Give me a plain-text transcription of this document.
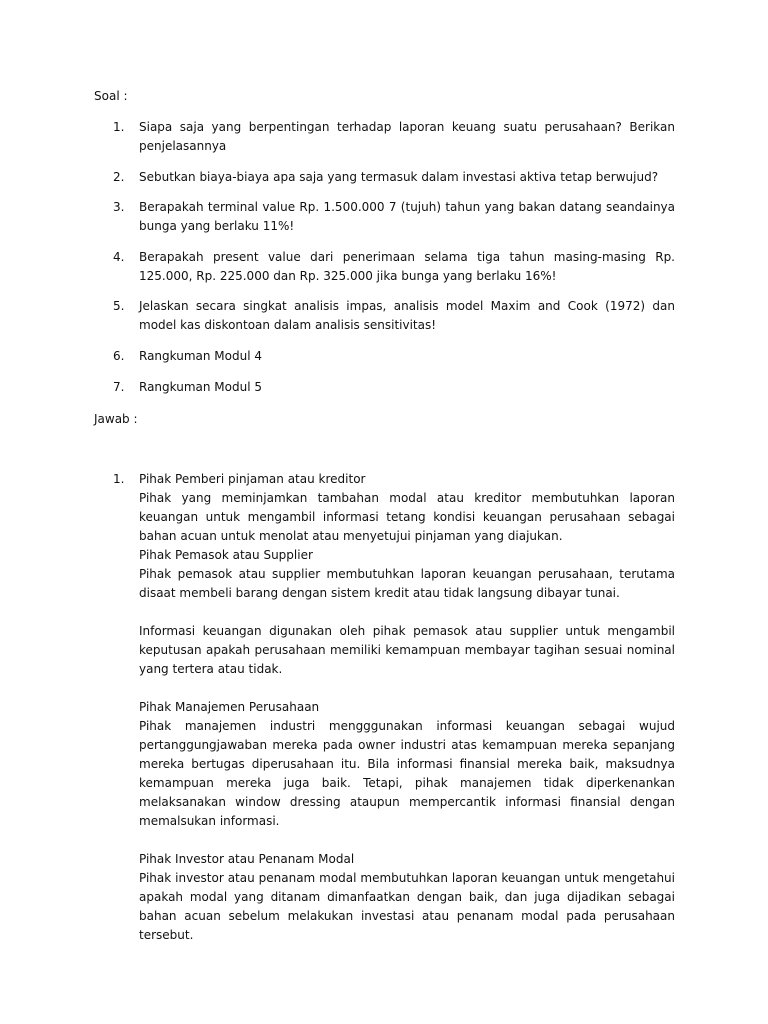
Soal :
1.	Siapa saja yang berpentingan terhadap laporan keuang suatu perusahaan? Berikan penjelasannya
2.	Sebutkan biaya-biaya apa saja yang termasuk dalam investasi aktiva tetap berwujud?
3.	Berapakah terminal value Rp. 1.500.000 7 (tujuh) tahun yang bakan datang seandainya bunga yang berlaku 11%!
4.	Berapakah present value dari penerimaan selama tiga tahun masing-masing Rp. 125.000, Rp. 225.000 dan Rp. 325.000 jika bunga yang berlaku 16%!
5.	Jelaskan secara singkat analisis impas, analisis model Maxim and Cook (1972) dan model kas diskontoan dalam analisis sensitivitas!
6.	Rangkuman Modul 4
7.	Rangkuman Modul 5
Jawab :
1.	Pihak Pemberi pinjaman atau kreditor

Pihak yang meminjamkan tambahan modal atau kreditor membutuhkan laporan keuangan untuk mengambil informasi tetang kondisi keuangan perusahaan sebagai bahan acuan untuk menolat atau menyetujui pinjaman yang diajukan.

Pihak Pemasok atau Supplier

Pihak pemasok atau supplier membutuhkan laporan keuangan perusahaan, terutama disaat membeli barang dengan sistem kredit atau tidak langsung dibayar tunai.

Informasi keuangan digunakan oleh pihak pemasok atau supplier untuk mengambil keputusan apakah perusahaan memiliki kemampuan membayar tagihan sesuai nominal yang tertera atau tidak.

Pihak Manajemen Perusahaan

Pihak manajemen industri mengggunakan informasi keuangan sebagai wujud pertanggungjawaban mereka pada owner industri atas kemampuan mereka sepanjang mereka bertugas diperusahaan itu. Bila informasi finansial mereka baik, maksudnya kemampuan mereka juga baik. Tetapi, pihak manajemen tidak diperkenankan melaksanakan window dressing ataupun mempercantik informasi finansial dengan memalsukan informasi.

Pihak Investor atau Penanam Modal

Pihak investor atau penanam modal membutuhkan laporan keuangan untuk mengetahui apakah modal yang ditanam dimanfaatkan dengan baik, dan juga dijadikan sebagai bahan acuan sebelum melakukan investasi atau penanam modal pada perusahaan tersebut.
